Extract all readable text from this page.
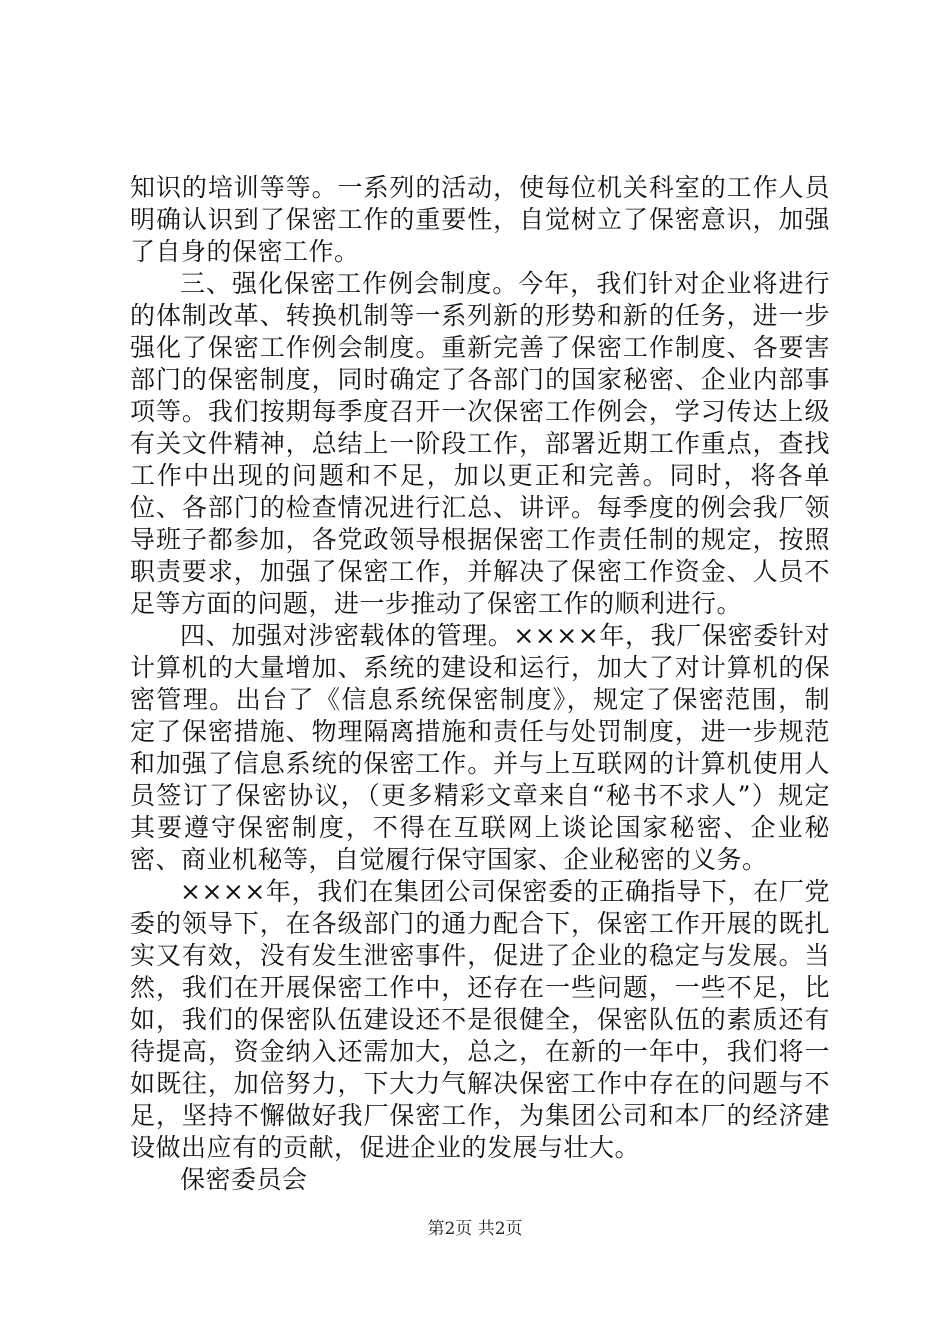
知识的培训等等。一系列的活动，使每位机关科室的工作人员明确认识到了保密工作的重要性，自觉树立了保密意识，加强了自身的保密工作。

三、强化保密工作例会制度。今年，我们针对企业将进行的体制改革、转换机制等一系列新的形势和新的任务，进一步强化了保密工作例会制度。重新完善了保密工作制度、各要害部门的保密制度，同时确定了各部门的国家秘密、企业内部事项等。我们按期每季度召开一次保密工作例会，学习传达上级有关文件精神，总结上一阶段工作，部署近期工作重点，查找工作中出现的问题和不足，加以更正和完善。同时，将各单位、各部门的检查情况进行汇总、讲评。每季度的例会我厂领导班子都参加，各党政领导根据保密工作责任制的规定，按照职责要求，加强了保密工作，并解决了保密工作资金、人员不足等方面的问题，进一步推动了保密工作的顺利进行。

四、加强对涉密载体的管理。××××年，我厂保密委针对计算机的大量增加、系统的建设和运行，加大了对计算机的保密管理。出台了《信息系统保密制度》，规定了保密范围，制定了保密措施、物理隔离措施和责任与处罚制度，进一步规范和加强了信息系统的保密工作。并与上互联网的计算机使用人员签订了保密协议，（更多精彩文章来自“秘书不求人”）规定其要遵守保密制度，不得在互联网上谈论国家秘密、企业秘密、商业机秘等，自觉履行保守国家、企业秘密的义务。

××××年，我们在集团公司保密委的正确指导下，在厂党委的领导下，在各级部门的通力配合下，保密工作开展的既扎实又有效，没有发生泄密事件，促进了企业的稳定与发展。当然，我们在开展保密工作中，还存在一些问题，一些不足，比如，我们的保密队伍建设还不是很健全，保密队伍的素质还有待提高，资金纳入还需加大，总之，在新的一年中，我们将一如既往，加倍努力，下大力气解决保密工作中存在的问题与不足，坚持不懈做好我厂保密工作，为集团公司和本厂的经济建设做出应有的贡献，促进企业的发展与壮大。

保密委员会

第2页 共2页
